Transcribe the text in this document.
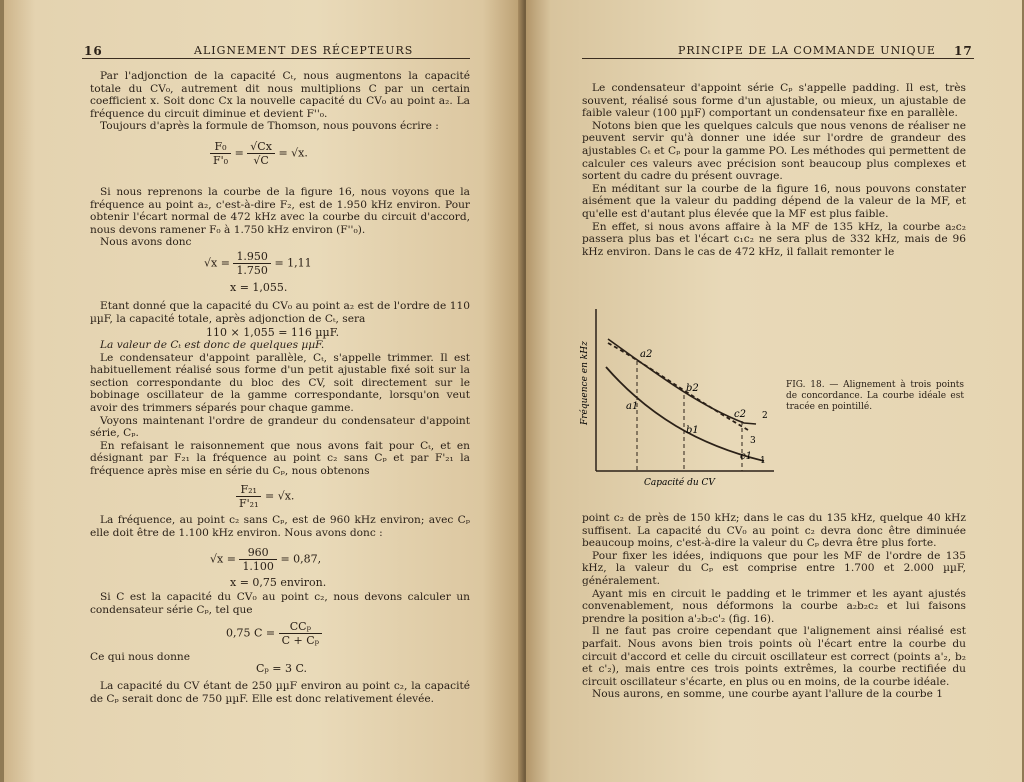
16	ALIGNEMENT DES RÉCEPTEURS

Par l'adjonction de la capacité Cₜ, nous augmentons la capacité totale du CV₀, autrement dit nous multiplions C par un certain coefficient x. Soit donc Cx la nouvelle capacité du CV₀ au point a₂. La fréquence du circuit diminue et devient F''₀.

Toujours d'après la formule de Thomson, nous pouvons écrire :

$\frac{\text{F₀}}{\text{F'₀}} = \frac{√Cx}{√C} = √x$.

Si nous reprenons la courbe de la figure 16, nous voyons que la fréquence au point a₂, c'est-à-dire F₂, est de 1.950 kHz environ. Pour obtenir l'écart normal de 472 kHz avec la courbe du circuit d'accord, nous devons ramener F₀ à 1.750 kHz environ (F''₀).

Nous avons donc

$√x = \frac{1.950}{1.750} = 1,11$
x = 1,055.

Etant donné que la capacité du CV₀ au point a₂ est de l'ordre de 110 µµF, la capacité totale, après adjonction de Cₜ, sera

110 × 1,055 = 116 µµF.

La valeur de Cₜ est donc de quelques µµF.

Le condensateur d'appoint parallèle, Cₜ, s'appelle trimmer. Il est habituellement réalisé sous forme d'un petit ajustable fixé soit sur la section correspondante du bloc des CV, soit directement sur le bobinage oscillateur de la gamme correspondante, lorsqu'on veut avoir des trimmers séparés pour chaque gamme.

Voyons maintenant l'ordre de grandeur du condensateur d'appoint série, Cₚ.

En refaisant le raisonnement que nous avons fait pour Cₜ, et en désignant par F₂₁ la fréquence au point c₂ sans Cₚ et par F'₂₁ la fréquence après mise en série du Cₚ, nous obtenons

$\frac{\text{F₂₁}}{\text{F'₂₁}} = √x$.

La fréquence, au point c₂ sans Cₚ, est de 960 kHz environ; avec Cₚ elle doit être de 1.100 kHz environ. Nous avons donc :

$√x = \frac{960}{1.100} = 0,87$,
x = 0,75 environ.

Si C est la capacité du CV₀ au point c₂, nous devons calculer un condensateur série Cₚ, tel que

0,75 $C = \frac{\text{CCₚ}}{\text{C + Cₚ}}$

Ce qui nous donne

Cₚ = 3 C.

La capacité du CV étant de 250 µµF environ au point c₂, la capacité de Cₚ serait donc de 750 µµF. Elle est donc relativement élevée.

PRINCIPE DE LA COMMANDE UNIQUE 17

Le condensateur d'appoint série Cₚ s'appelle padding. Il est, très souvent, réalisé sous forme d'un ajustable, ou mieux, un ajustable de faible valeur (100 µµF) comportant un condensateur fixe en parallèle.

Notons bien que les quelques calculs que nous venons de réaliser ne peuvent servir qu'à donner une idée sur l'ordre de grandeur des ajustables Cₜ et Cₚ pour la gamme PO. Les méthodes qui permettent de calculer ces valeurs avec précision sont beaucoup plus complexes et sortent du cadre du présent ouvrage.

En méditant sur la courbe de la figure 16, nous pouvons constater aisément que la valeur du padding dépend de la valeur de la MF, et qu'elle est d'autant plus élevée que la MF est plus faible.

En effet, si nous avons affaire à la MF de 135 kHz, la courbe a₂c₂ passera plus bas et l'écart c₁c₂ ne sera plus de 332 kHz, mais de 96 kHz environ. Dans le cas de 472 kHz, il fallait remonter le

point c₂ de près de 150 kHz; dans le cas du 135 kHz, quelque 40 kHz suffisent. La capacité du CV₀ au point c₂ devra donc être diminuée beaucoup moins, c'est-à-dire la valeur du Cₚ devra être plus forte.

Pour fixer les idées, indiquons que pour les MF de l'ordre de 135 kHz, la valeur du Cₚ est comprise entre 1.700 et 2.000 µµF, généralement.

Ayant mis en circuit le padding et le trimmer et les ayant ajustés convenablement, nous déformons la courbe a₂b₂c₂ et lui faisons prendre la position a'₂b₂c'₂ (fig. 16).

Il ne faut pas croire cependant que l'alignement ainsi réalisé est parfait. Nous avons bien trois points où l'écart entre la courbe du circuit d'accord et celle du circuit oscillateur est correct (points a'₂, b₂ et c'₂), mais entre ces trois points extrêmes, la courbe rectifiée du circuit oscillateur s'écarte, en plus ou en moins, de la courbe idéale.

Nous aurons, en somme, une courbe ayant l'allure de la courbe 1

a2
a1
b2
b1
c2
c1
2
1
3
Fréquence en kHz
Capacité du CV
FIG. 18. — Alignement à trois points de concordance. La courbe idéale est tracée en pointillé.
